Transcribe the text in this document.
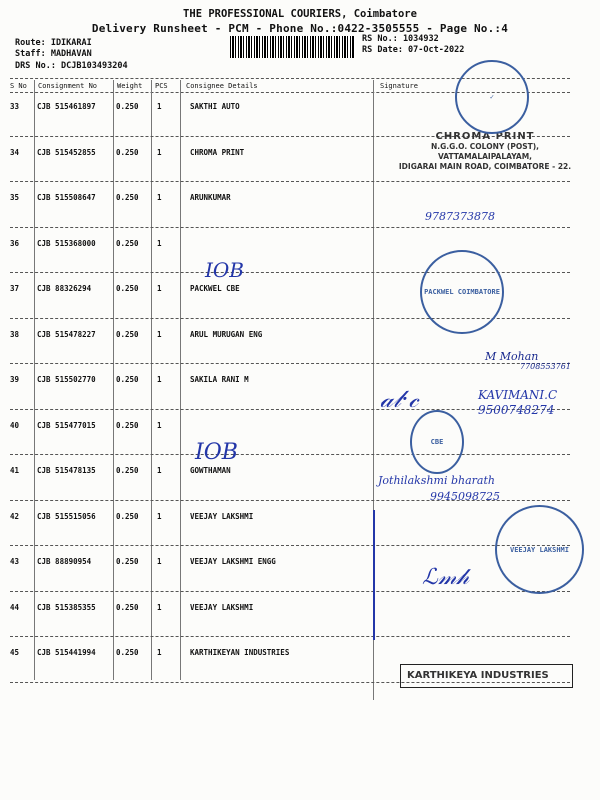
THE PROFESSIONAL COURIERS, Coimbatore
Delivery Runsheet - PCM - Phone No.:0422-3505555 - Page No.:4
Route: IDIKARAI
Staff: MADHAVAN
DRS No.: DCJB103493204
RS No.: 1034932
RS Date: 07-Oct-2022
S No Consignment No	Weight PCS	Consignee Details	Signature
33 CJB 515461897	0.250 1	SAKTHI AUTO
34 CJB 515452855	0.250 1	CHROMA PRINT
35 CJB 515508647	0.250 1	ARUNKUMAR
36 CJB 515368000	0.250 1
37 CJB 88326294	0.250 1	PACKWEL CBE
38 CJB 515478227	0.250 1	ARUL MURUGAN ENG
39 CJB 515502770	0.250 1	SAKILA RANI M
40 CJB 515477015	0.250 1
41 CJB 515478135	0.250 1	GOWTHAMAN
42 CJB 515515056	0.250 1	VEEJAY LAKSHMI
43 CJB 88890954	0.250 1	VEEJAY LAKSHMI ENGG
44 CJB 515385355	0.250 1	VEEJAY LAKSHMI
45 CJB 515441994	0.250 1	KARTHIKEYAN INDUSTRIES
CHROMA PRINT
N.G.G.O. COLONY (POST),
VATTAMALAIPALAYAM,
IDIGARAI MAIN ROAD, COIMBATORE - 22.
✓
PACKWEL COIMBATORE
CBE
VEEJAY LAKSHMI
KARTHIKEYA INDUSTRIES
IOB
IOB
9787373878
M Mohan
7708553761
𝒶𝓁·𝒸	KAVIMANI.C
9500748274
Jothilakshmi bharath
9945098725
ℒ𝓂𝒽
